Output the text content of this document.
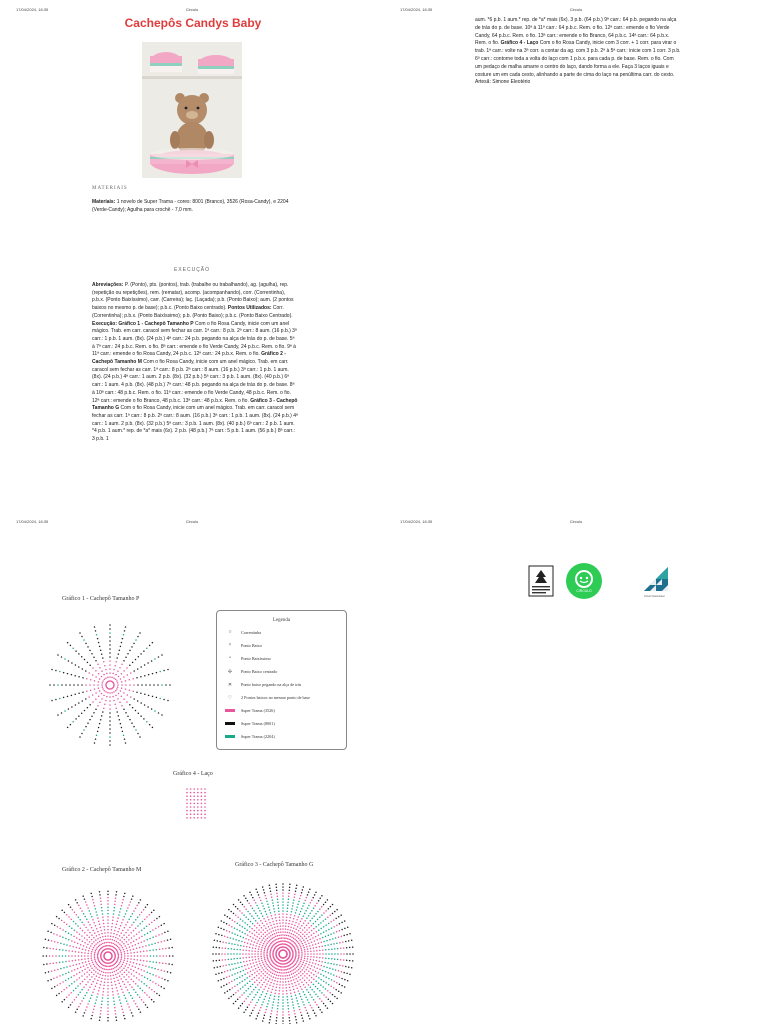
17/04/2024, 16:35	Circulo
Cachepôs Candys Baby
MATERIAIS
Materiais: 1 novelo de Super Trama - cores: 8001 (Branco), 3526 (Rosa-Candy), e 2204 (Verde-Candy); Agulha para crochê - 7,0 mm.
EXECUÇÃO
Abreviações: P. (Ponto), pts. (pontos), trab. (trabalhe ou trabalhando), ag. (agulha), rep. (repetição ou repetições), rem. (rematar), acomp. (acompanhando), corr. (Correntinha), p.b.x. (Ponto Baixíssimo), carr. (Carreira); laç. (Laçada); p.b. (Ponto Baixo); aum. (2 pontos baixos no mesmo p. de base); p.b.c. (Ponto Baixo centrado). Pontos Utilizados: Corr. (Correntinha); p.b.x. (Ponto Baixíssimo); p.b. (Ponto Baixo); p.b.c. (Ponto Baixo Centrado). Execução: Gráfico 1 - Cachepô Tamanho P Com o fio Rosa Candy, inicie com um anel mágico. Trab. em carr. caracol sem fechar as carr. 1ª carr.: 8 p.b. 2ª carr.: 8 aum. (16 p.b.) 3ª carr.: 1 p.b. 1 aum. (8x). (24 p.b.) 4ª carr.: 24 p.b. pegando na alça de trás do p. de base. 5ª à 7ª carr.: 24 p.b.c. Rem. o fio. 8ª carr.: emende o fio Verde Candy, 24 p.b.c. Rem. o fio. 9ª à 11ª carr.: emende o fio Rosa Candy, 24 p.b.c. 12ª carr.: 24 p.b.x. Rem. o fio. Gráfico 2 - Cachepô Tamanho M Com o fio Rosa Candy, inicie com um anel mágico. Trab. em carr. caracol sem fechar as carr. 1ª carr.: 8 p.b. 2ª carr.: 8 aum. (16 p.b.) 3ª carr.: 1 p.b. 1 aum. (8x). (24 p.b.) 4ª carr.: 1 aum. 2 p.b. (8x). (32 p.b.) 5ª carr.: 3 p.b. 1 aum. (8x). (40 p.b.) 6ª carr.: 1 aum. 4 p.b. (8x). (48 p.b.) 7ª carr.: 48 p.b. pegando na alça de trás do p. de base. 8ª à 10ª carr.: 48 p.b.c. Rem. o fio. 11ª carr.: emende o fio Verde Candy, 48 p.b.c. Rem. o fio. 12ª carr.: emende o fio Branco, 48 p.b.c. 13ª carr.: 48 p.b.x. Rem. o fio. Gráfico 3 - Cachepô Tamanho G Com o fio Rosa Candy, inicie com um anel mágico. Trab. em carr. caracol sem fechar as carr. 1ª carr.: 8 p.b. 2ª carr.: 8 aum. (16 p.b.) 3ª carr.: 1 p.b. 1 aum. (8x). (24 p.b.) 4ª carr.: 1 aum. 2 p.b. (8x). (32 p.b.) 5ª carr.: 3 p.b. 1 aum. (8x). (40 p.b.) 6ª carr.: 2 p.b. 1 aum. *4 p.b. 1 aum.* rep. de *a* mais (6x). 2 p.b. (48 p.b.) 7ª carr.: 5 p.b. 1 aum. (56 p.b.) 8ª carr.: 3 p.b. 1
17/04/2024, 16:35	Circulo
aum. *6 p.b. 1 aum.* rep. de *a* mais (6x). 3 p.b. (64 p.b.) 9ª carr.: 64 p.b. pegando na alça de trás do p. de base. 10ª à 11ª carr.: 64 p.b.c. Rem. o fio. 12ª carr.: emende o fio Verde Candy, 64 p.b.c. Rem. o fio. 13ª carr.: emende o fio Branco, 64 p.b.c. 14ª carr.: 64 p.b.x. Rem. o fio. Gráfico 4 - Laço Com o fio Rosa Candy, inicie com 3 corr. + 1 corr. para virar o trab. 1ª carr.: volte na 3ª corr. a contar da ag. com 3 p.b. 2ª à 5ª carr.: inicie com 1 corr. 3 p.b. 6ª carr.: contorne toda a volta do laço com 1 p.b.x. para cada p. de base. Rem. o fio. Com um pedaço de malha amarre o centro do laço, dando forma a ele. Faça 3 laços iguais e costure um em cada cesto, alinhando a parte de cima do laço na penúltima carr. do cesto. Artesã: Simone Eleotério
17/04/2024, 16:35	Circulo
Gráfico 1 - Cachepô Tamanho P
Gráfico 4 - Laço
Gráfico 2 - Cachepô Tamanho M
Gráfico 3 - Cachepô Tamanho G
Legenda
○	Correntinha
×	Ponto Baixo
•	Ponto Baixíssimo
✢	Ponto Baixo centrado
✕	Ponto baixo pegando na alça de trás
♡	2 Pontos baixos no mesmo ponto de base
Super Trama (3526)
Super Trama (8001)
Super Trama (2204)
17/04/2024, 16:35	Circulo
CIRCULO
Circulo Sustentável
